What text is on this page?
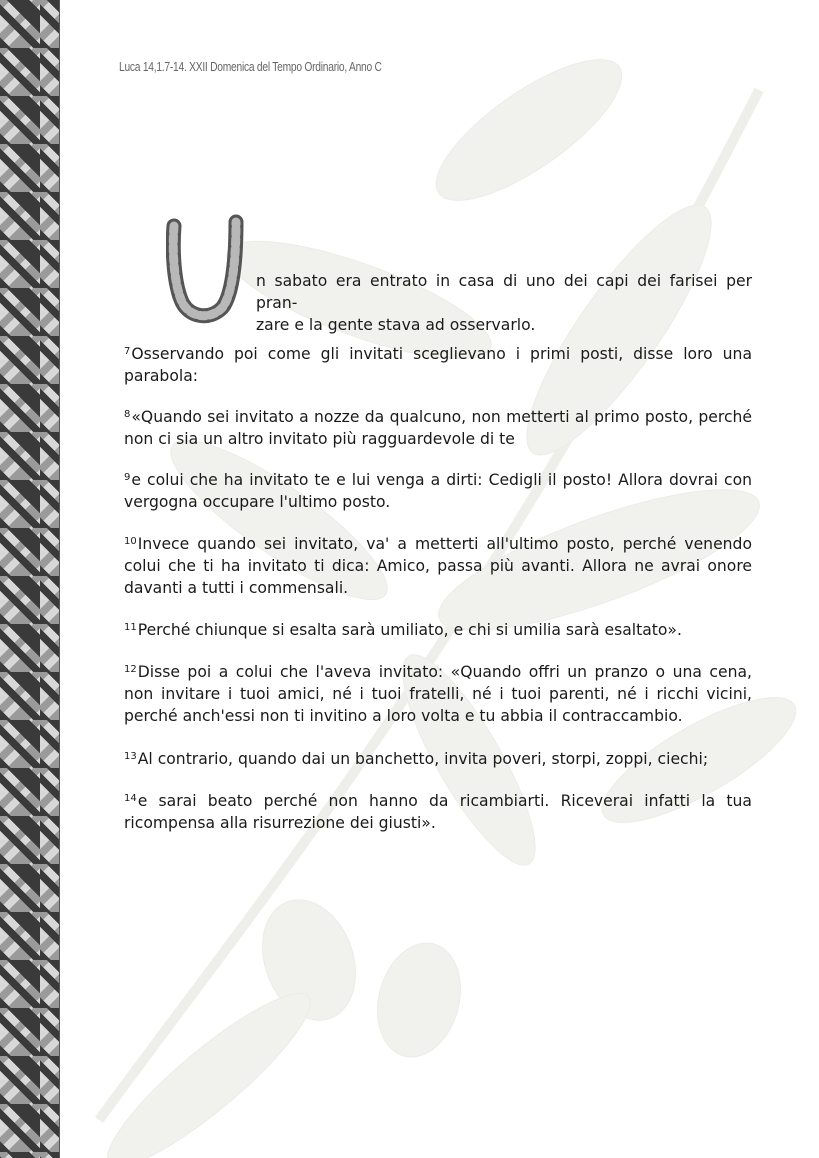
Luca 14,1.7-14. XXII Domenica del Tempo Ordinario, Anno C
U	n sabato era entrato in casa di uno dei capi dei farisei per pran-

zare e la gente stava ad osservarlo.

$^7$Osservando poi come gli invitati sceglievano i primi posti, disse loro una parabola:

$^8$«Quando sei invitato a nozze da qualcuno, non metterti al primo posto, perché non ci sia un altro invitato più ragguardevole di te

$^9$e colui che ha invitato te e lui venga a dirti: Cedigli il posto! Allora dovrai con vergogna occupare l'ultimo posto.

$^{10}$Invece quando sei invitato, va' a metterti all'ultimo posto, perché venendo colui che ti ha invitato ti dica: Amico, passa più avanti. Allora ne avrai onore davanti a tutti i commensali.

$^{11}$Perché chiunque si esalta sarà umiliato, e chi si umilia sarà esaltato».

$^{12}$Disse poi a colui che l'aveva invitato: «Quando offri un pranzo o una cena, non invitare i tuoi amici, né i tuoi fratelli, né i tuoi parenti, né i ricchi vicini, perché anch'essi non ti invitino a loro volta e tu abbia il contraccambio.

$^{13}$Al contrario, quando dai un banchetto, invita poveri, storpi, zoppi, ciechi;

$^{14}$e sarai beato perché non hanno da ricambiarti. Riceverai infatti la tua ricompensa alla risurrezione dei giusti».
